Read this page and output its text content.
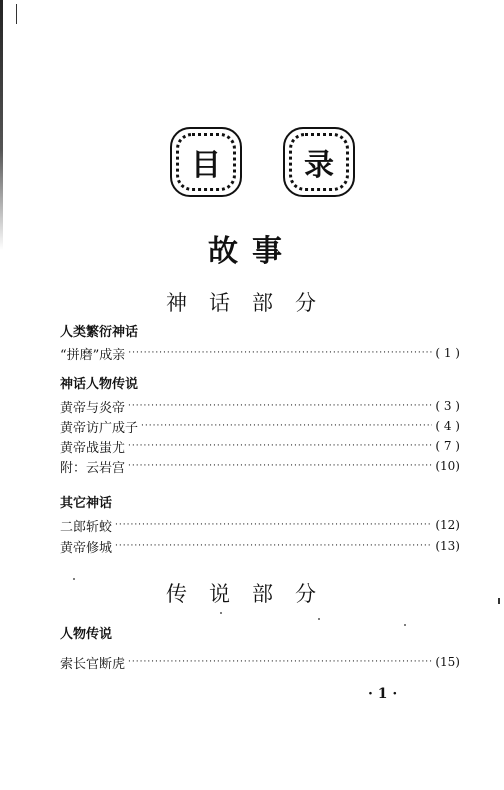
目	录
故事
神话部分
人类繁衍神话
“拼磨”成亲 ·····	( 1 )
神话人物传说
黄帝与炎帝 ·····	( 3 )
黄帝访广成子 ·····	( 4 )
黄帝战蚩尤 ·····	( 7 )
附：云岩宫 ·····	(10)
其它神话
二郎斩蛟 ·····	(12)
黄帝修城 ·····	(13)
传说部分
人物传说
索长官断虎 ·····	(15)
· 1 ·
